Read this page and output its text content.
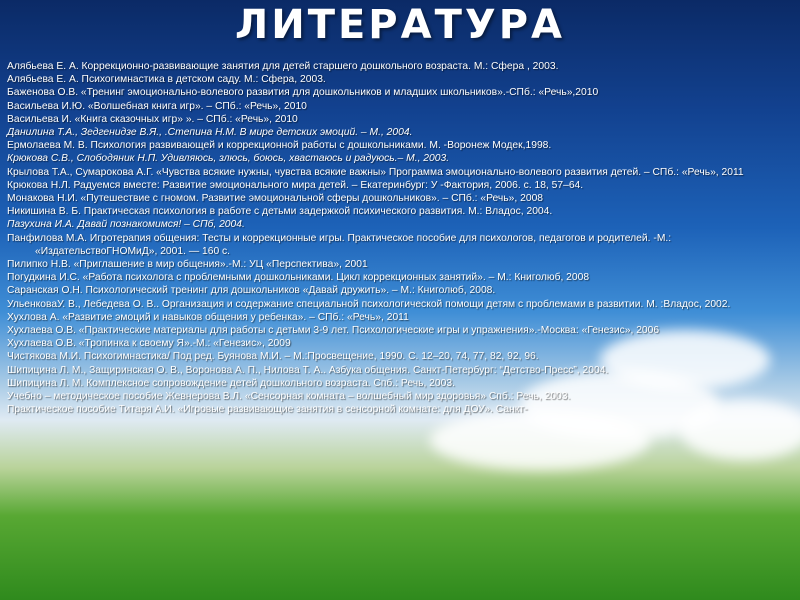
ЛИТЕРАТУРА
Алябьева Е. А. Коррекционно-развивающие занятия для детей старшего дошкольного возраста. М.: Сфера , 2003.
Алябьева Е. А. Психогимнастика в детском саду. М.: Сфера, 2003.
Баженова О.В. «Тренинг эмоционально-волевого развития для дошкольников и младших школьников».-СПб.: «Речь»,2010
Васильева И.Ю. «Волшебная книга игр». – СПб.: «Речь», 2010
Васильева И. «Книга сказочных игр» ». – СПб.: «Речь», 2010
Данилина Т.А., Зедгенидзе В.Я., .Степина Н.М. В мире детских эмоций. – М., 2004.
Ермолаева М. В. Психология развивающей и коррекционной работы с дошкольниками. М. -Воронеж Модек,1998.
Крюкова С.В., Слободяник Н.П. Удивляюсь, злюсь, боюсь, хвастаюсь и радуюсь.– М., 2003.
Крылова Т.А., Сумарокова А.Г. «Чувства всякие нужны, чувства всякие важны» Программа эмоционально-волевого развития детей. – СПб.: «Речь», 2011
Крюкова Н.Л. Радуемся вместе: Развитие эмоционального мира детей. – Екатеринбург: У -Фактория, 2006. с. 18, 57–64.
Монакова Н.И. «Путешествие с гномом. Развитие эмоциональной сферы дошкольников». – СПб.: «Речь», 2008
Никишина В. Б. Практическая психология в работе с детьми задержкой психического развития. М.: Владос, 2004.
Пазухина И.А. Давай познакомимся! – СПб, 2004.
Панфилова М.А. Игротерапия общения: Тесты и коррекционные игры. Практическое пособие для психологов, педагогов и родителей. -М.: «ИздательствоГНОМиД», 2001. — 160 с.
Пилипко Н.В. «Приглашение в мир общения».-М.: УЦ «Перспектива», 2001
Погудкина И.С. «Работа психолога с проблемными дошкольниками. Цикл коррекционных занятий». – М.: Книголюб, 2008
Саранская О.Н. Психологический тренинг для дошкольников «Давай дружить». – М.: Книголюб, 2008.
УльенковаУ. В., Лебедева О. В.. Организация и содержание специальной психологической помощи детям с проблемами в развитии. М. :Владос, 2002.
Хухлова А. «Развитие эмоций и навыков общения у ребенка». – СПб.: «Речь», 2011
Хухлаева О.В. «Практические материалы для работы с детьми 3-9 лет. Психологические игры и упражнения».-Москва: «Генезис», 2006
Хухлаева О.В. «Тропинка к своему Я».-М.: «Генезис», 2009
Чистякова М.И. Психогимнастика/ Под ред. Буянова М.И. – М.:Просвещение, 1990. С. 12–20, 74, 77, 82, 92, 96.
Шипицина Л. М., Защиринская О. В., Воронова А. П., Нилова Т. А.. Азбука общения. Санкт-Петербург: “Детство-Пресс”, 2004.
Шипицина Л. М. Комплексное сопровождение детей дошкольного возраста. Спб.: Речь, 2003.
Учебно – методическое пособие Жевнерова В.Л. «Сенсорная комната – волшебный мир здоровья» Спб.: Речь, 2003.
Практическое пособие Титаря А.И. «Игровые развивающие занятия в сенсорной комнате: для ДОУ». Санкт-
